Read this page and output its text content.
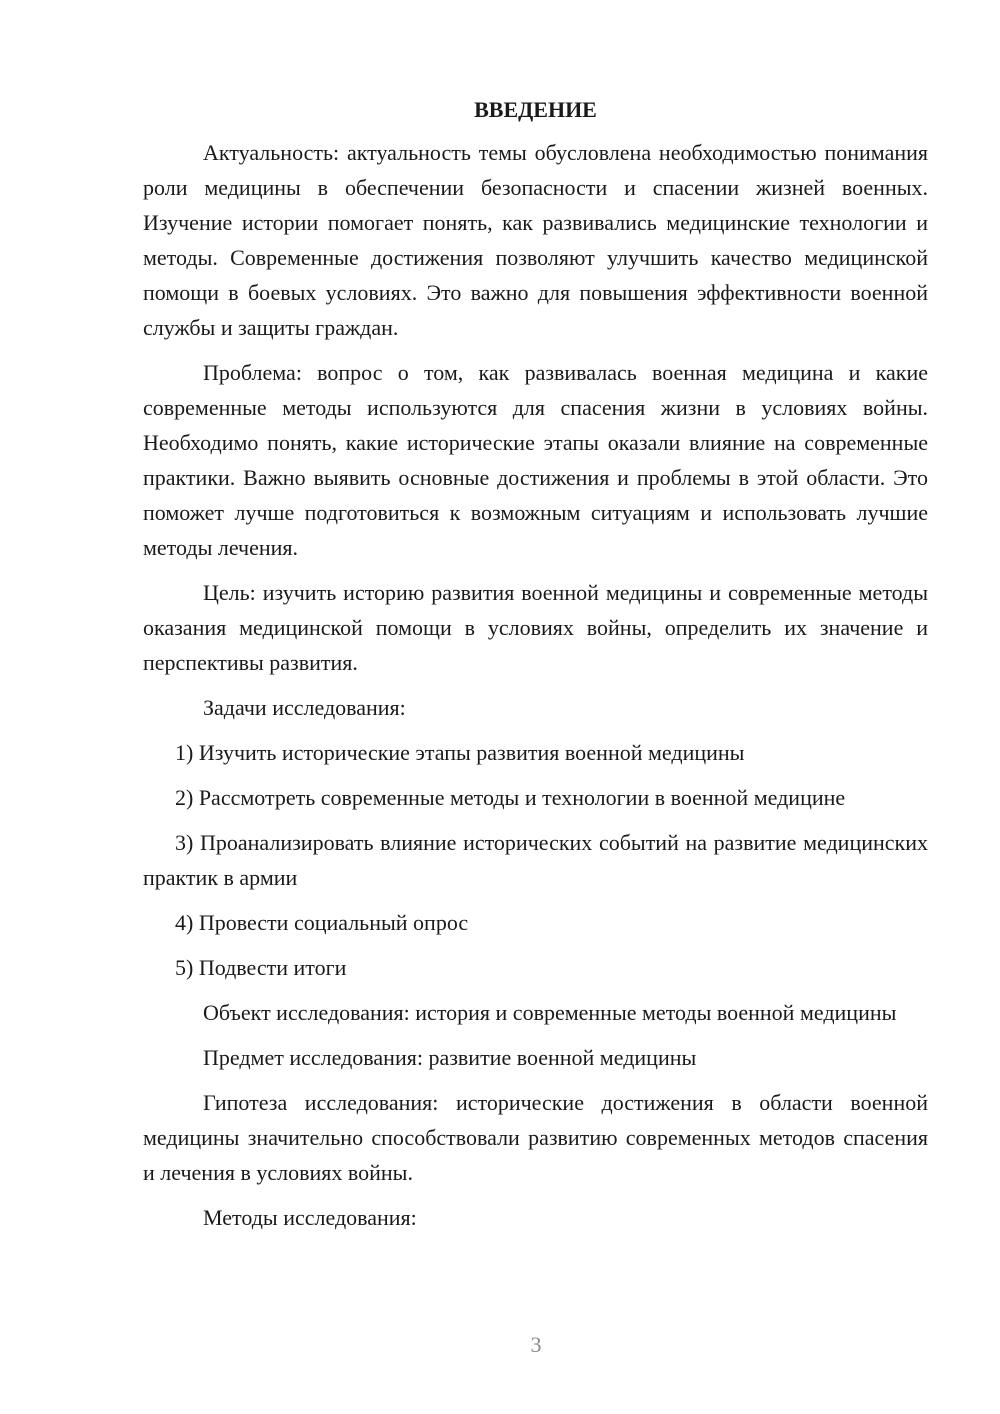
ВВЕДЕНИЕ

Актуальность: актуальность темы обусловлена необходимостью понимания роли медицины в обеспечении безопасности и спасении жизней военных. Изучение истории помогает понять, как развивались медицинские технологии и методы. Современные достижения позволяют улучшить качество медицинской помощи в боевых условиях. Это важно для повышения эффективности военной службы и защиты граждан.

Проблема: вопрос о том, как развивалась военная медицина и какие современные методы используются для спасения жизни в условиях войны. Необходимо понять, какие исторические этапы оказали влияние на современные практики. Важно выявить основные достижения и проблемы в этой области. Это поможет лучше подготовиться к возможным ситуациям и использовать лучшие методы лечения.

Цель: изучить историю развития военной медицины и современные методы оказания медицинской помощи в условиях войны, определить их значение и перспективы развития.

Задачи исследования:

1) Изучить исторические этапы развития военной медицины

2) Рассмотреть современные методы и технологии в военной медицине

3) Проанализировать влияние исторических событий на развитие медицинских практик в армии

4) Провести социальный опрос

5) Подвести итоги

Объект исследования: история и современные методы военной медицины

Предмет исследования: развитие военной медицины

Гипотеза исследования: исторические достижения в области военной медицины значительно способствовали развитию современных методов спасения и лечения в условиях войны.

Методы исследования:

3
